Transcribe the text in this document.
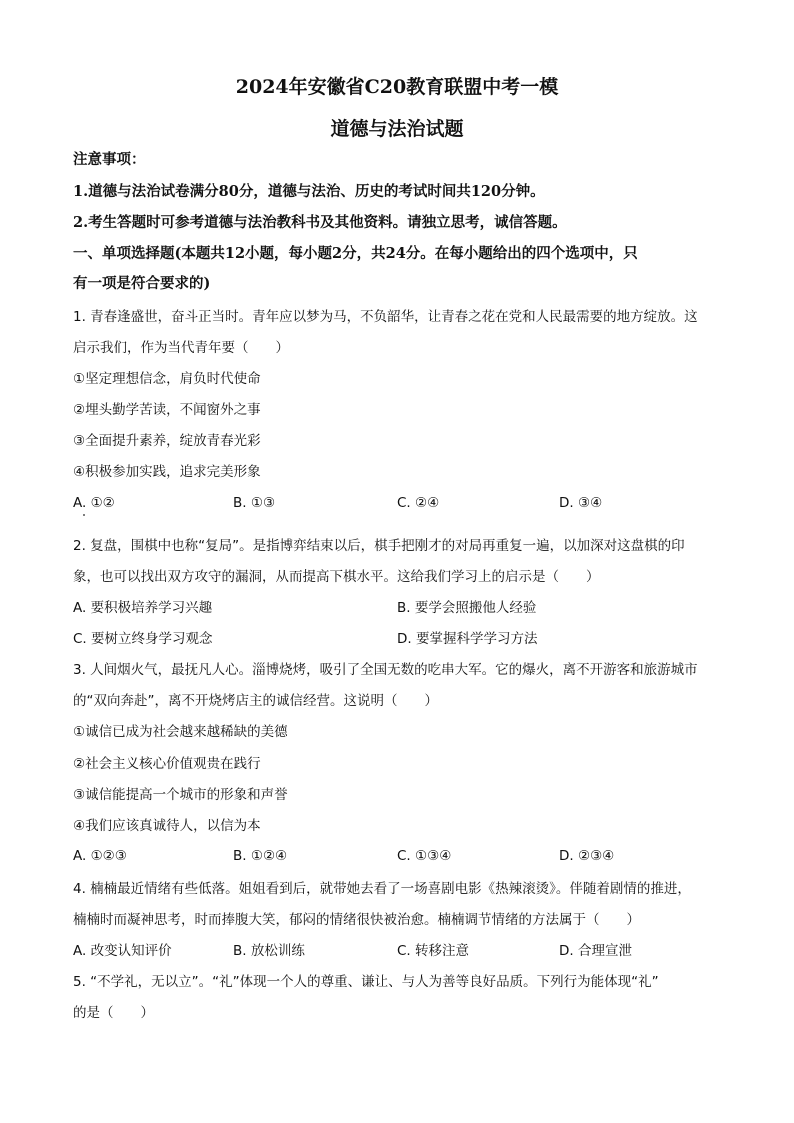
2024年安徽省C20教育联盟中考一模
道德与法治试题
注意事项：
1.道德与法治试卷满分80分，道德与法治、历史的考试时间共120分钟。
2.考生答题时可参考道德与法治教科书及其他资料。请独立思考，诚信答题。
一、单项选择题(本题共12小题，每小题2分，共24分。在每小题给出的四个选项中，只
有一项是符合要求的)
1. 青春逢盛世，奋斗正当时。青年应以梦为马，不负韶华，让青春之花在党和人民最需要的地方绽放。这
启示我们，作为当代青年要（　　）
①坚定理想信念，肩负时代使命
②埋头勤学苦读，不闻窗外之事
③全面提升素养，绽放青春光彩
④积极参加实践，追求完美形象
A. ①②	B. ①③	C. ②④	D. ③④
2. 复盘，围棋中也称“复局”。是指博弈结束以后，棋手把刚才的对局再重复一遍，以加深对这盘棋的印
象，也可以找出双方攻守的漏洞，从而提高下棋水平。这给我们学习上的启示是（　　）
A. 要积极培养学习兴趣	B. 要学会照搬他人经验
C. 要树立终身学习观念	D. 要掌握科学学习方法
3. 人间烟火气，最抚凡人心。淄博烧烤，吸引了全国无数的吃串大军。它的爆火，离不开游客和旅游城市
的“双向奔赴”，离不开烧烤店主的诚信经营。这说明（　　）
①诚信已成为社会越来越稀缺的美德
②社会主义核心价值观贵在践行
③诚信能提高一个城市的形象和声誉
④我们应该真诚待人，以信为本
A. ①②③	B. ①②④	C. ①③④	D. ②③④
4. 楠楠最近情绪有些低落。姐姐看到后，就带她去看了一场喜剧电影《热辣滚烫》。伴随着剧情的推进，
楠楠时而凝神思考，时而捧腹大笑，郁闷的情绪很快被治愈。楠楠调节情绪的方法属于（　　）
A. 改变认知评价	B. 放松训练	C. 转移注意	D. 合理宣泄
5. “不学礼，无以立”。“礼”体现一个人的尊重、谦让、与人为善等良好品质。下列行为能体现“礼”
的是（　　）
